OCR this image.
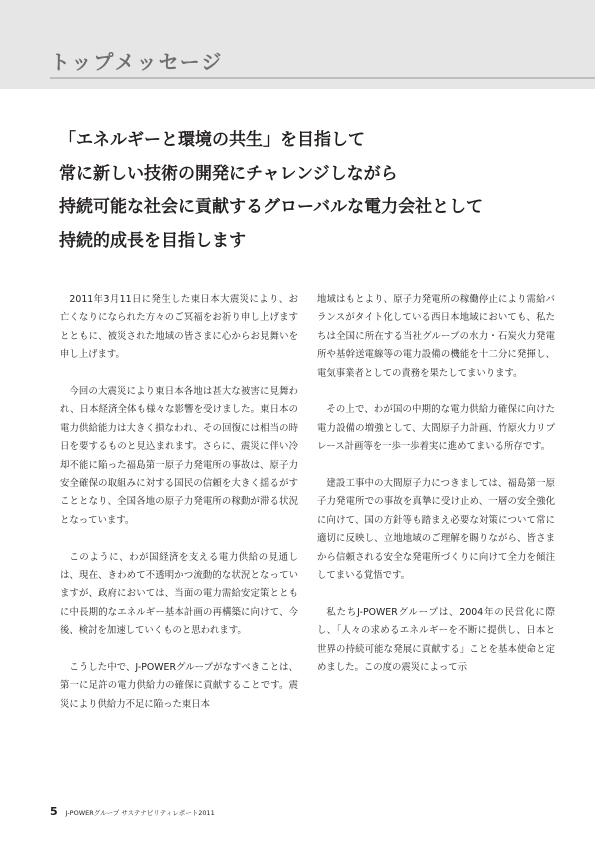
トップメッセージ
「エネルギーと環境の共生」を目指して
常に新しい技術の開発にチャレンジしながら
持続可能な社会に貢献するグローバルな電力会社として
持続的成長を目指します

2011年3月11日に発生した東日本大震災により、お亡くなりになられた方々のご冥福をお祈り申し上げますとともに、被災された地域の皆さまに心からお見舞いを申し上げます。

今回の大震災により東日本各地は甚大な被害に見舞われ、日本経済全体も様々な影響を受けました。東日本の電力供給能力は大きく損なわれ、その回復には相当の時日を要するものと見込まれます。さらに、震災に伴い冷却不能に陥った福島第一原子力発電所の事故は、原子力安全確保の取組みに対する国民の信頼を大きく揺るがすこととなり、全国各地の原子力発電所の稼動が滞る状況となっています。

このように、わが国経済を支える電力供給の見通しは、現在、きわめて不透明かつ流動的な状況となっていますが、政府においては、当面の電力需給安定策とともに中長期的なエネルギー基本計画の再構築に向けて、今後、検討を加速していくものと思われます。

こうした中で、J-POWERグループがなすべきことは、第一に足許の電力供給力の確保に貢献することです。震災により供給力不足に陥った東日本

地域はもとより、原子力発電所の稼働停止により需給バランスがタイト化している西日本地域においても、私たちは全国に所在する当社グループの水力・石炭火力発電所や基幹送電線等の電力設備の機能を十二分に発揮し、電気事業者としての責務を果たしてまいります。

その上で、わが国の中期的な電力供給力確保に向けた電力設備の増強として、大間原子力計画、竹原火力リプレース計画等を一歩一歩着実に進めてまいる所存です。

建設工事中の大間原子力につきましては、福島第一原子力発電所での事故を真摯に受け止め、一層の安全強化に向けて、国の方針等も踏まえ必要な対策について常に適切に反映し、立地地域のご理解を賜りながら、皆さまから信頼される安全な発電所づくりに向けて全力を傾注してまいる覚悟です。

私たちJ-POWERグループは、2004年の民営化に際し、「人々の求めるエネルギーを不断に提供し、日本と世界の持続可能な発展に貢献する」ことを基本使命と定めました。この度の震災によって示

5 J-POWERグループ サステナビリティレポート2011
